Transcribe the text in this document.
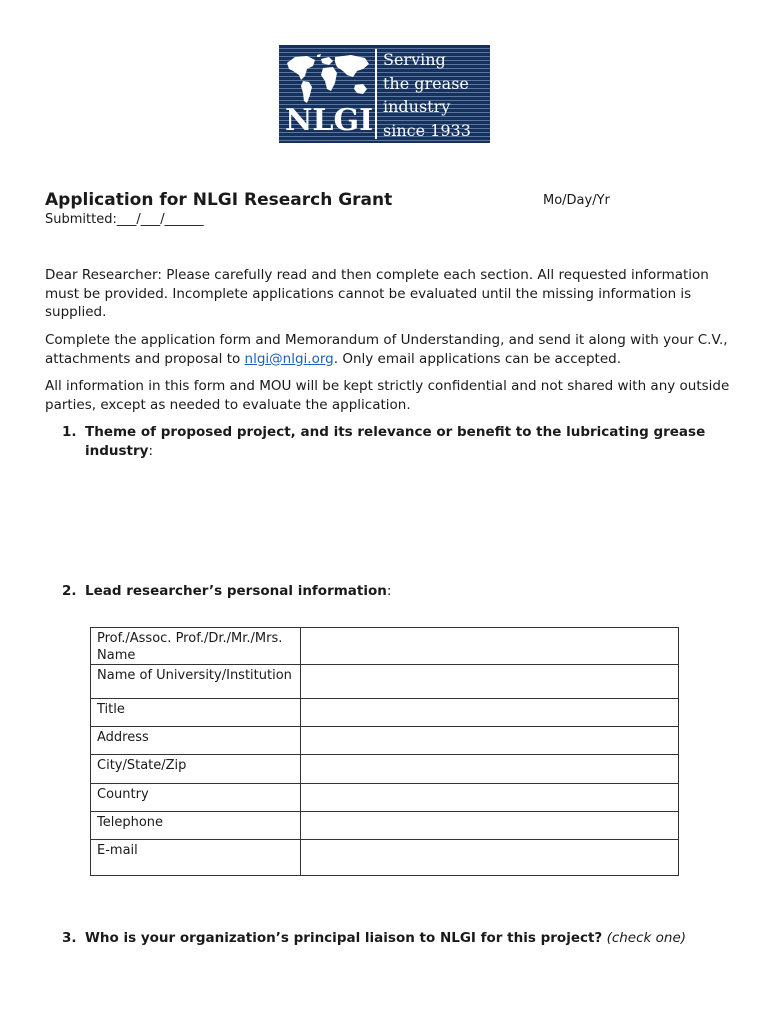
NLGI
Serving
the grease
industry
since 1933
Application for NLGI Research Grant	Mo/Day/Yr
Submitted:___/___/______
Dear Researcher: Please carefully read and then complete each section. All requested information must be provided. Incomplete applications cannot be evaluated until the missing information is supplied.
Complete the application form and Memorandum of Understanding, and send it along with your C.V., attachments and proposal to nlgi@nlgi.org. Only email applications can be accepted.
All information in this form and MOU will be kept strictly confidential and not shared with any outside parties, except as needed to evaluate the application.
1. Theme of proposed project, and its relevance or benefit to the lubricating grease industry:
2. Lead researcher’s personal information:
Prof./Assoc. Prof./Dr./Mr./Mrs. Name	
Name of University/Institution	
Title	
Address	
City/State/Zip	
Country	
Telephone	
E-mail	
3. Who is your organization’s principal liaison to NLGI for this project? (check one)
